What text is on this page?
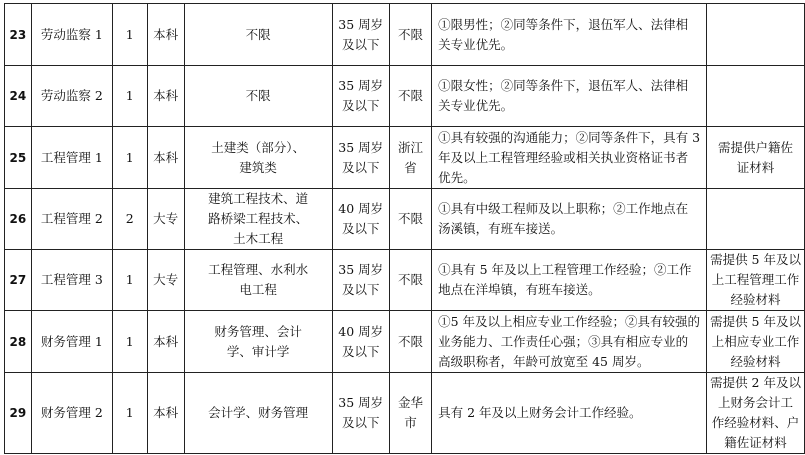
23	劳动监察 1	1	本科	不限	35 周岁
及以下	不限	①限男性；②同等条件下，退伍军人、法律相
关专业优先。	

24	劳动监察 2	1	本科	不限	35 周岁
及以下	不限	①限女性；②同等条件下，退伍军人、法律相
关专业优先。	

25	工程管理 1	1	本科	土建类（部分）、
建筑类	35 周岁
及以下	浙江省	①具有较强的沟通能力；②同等条件下，具有 3
年及以上工程管理经验或相关执业资格证书者
优先。	需提供户籍佐
证材料

26	工程管理 2	2	大专	建筑工程技术、道
路桥梁工程技术、
土木工程	40 周岁
及以下	不限	①具有中级工程师及以上职称；②工作地点在
汤溪镇，有班车接送。	

27	工程管理 3	1	大专	工程管理、水利水
电工程	35 周岁
及以下	不限	①具有 5 年及以上工程管理工作经验；②工作
地点在洋埠镇，有班车接送。	需提供 5 年及以
上工程管理工作
经验材料

28	财务管理 1	1	本科	财务管理、会计
学、审计学	40 周岁
及以下	不限	①5 年及以上相应专业工作经验；②具有较强的
业务能力、工作责任心强；③具有相应专业的
高级职称者，年龄可放宽至 45 周岁。	需提供 5 年及以
上相应专业工作
经验材料

29	财务管理 2	1	本科	会计学、财务管理	35 周岁
及以下	金华市	具有 2 年及以上财务会计工作经验。	需提供 2 年及以
上财务会计工
作经验材料、户
籍佐证材料
